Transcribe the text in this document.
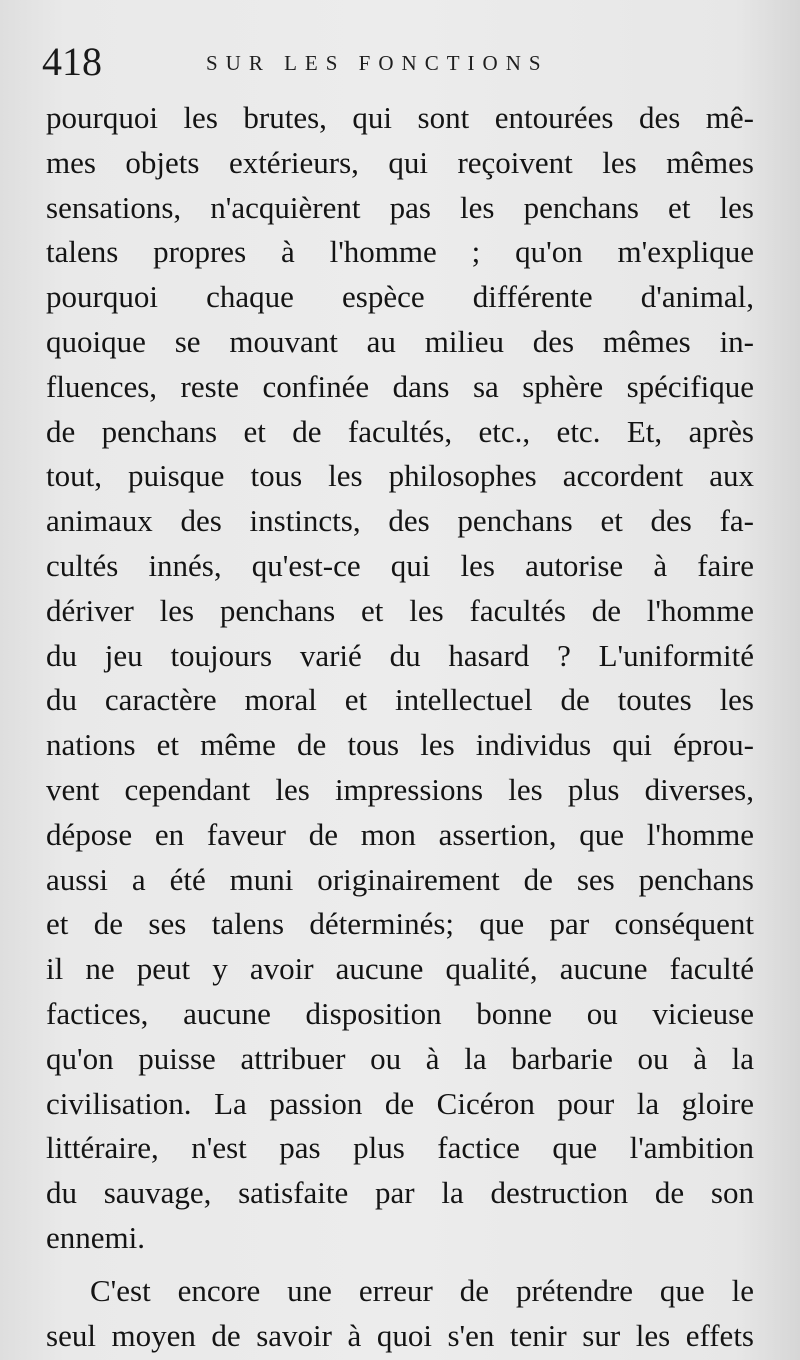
418	SUR LES FONCTIONS
pourquoi les brutes, qui sont entourées des mê-
mes objets extérieurs, qui reçoivent les mêmes
sensations, n'acquièrent pas les penchans et les
talens propres à l'homme ; qu'on m'explique
pourquoi chaque espèce différente d'animal,
quoique se mouvant au milieu des mêmes in-
fluences, reste confinée dans sa sphère spécifique
de penchans et de facultés, etc., etc. Et, après
tout, puisque tous les philosophes accordent aux
animaux des instincts, des penchans et des fa-
cultés innés, qu'est-ce qui les autorise à faire
dériver les penchans et les facultés de l'homme
du jeu toujours varié du hasard ? L'uniformité
du caractère moral et intellectuel de toutes les
nations et même de tous les individus qui éprou-
vent cependant les impressions les plus diverses,
dépose en faveur de mon assertion, que l'homme
aussi a été muni originairement de ses penchans
et de ses talens déterminés; que par conséquent
il ne peut y avoir aucune qualité, aucune faculté
factices, aucune disposition bonne ou vicieuse
qu'on puisse attribuer ou à la barbarie ou à la
civilisation. La passion de Cicéron pour la gloire
littéraire, n'est pas plus factice que l'ambition
du sauvage, satisfaite par la destruction de son
ennemi.
C'est encore une erreur de prétendre que le
seul moyen de savoir à quoi s'en tenir sur les effets
